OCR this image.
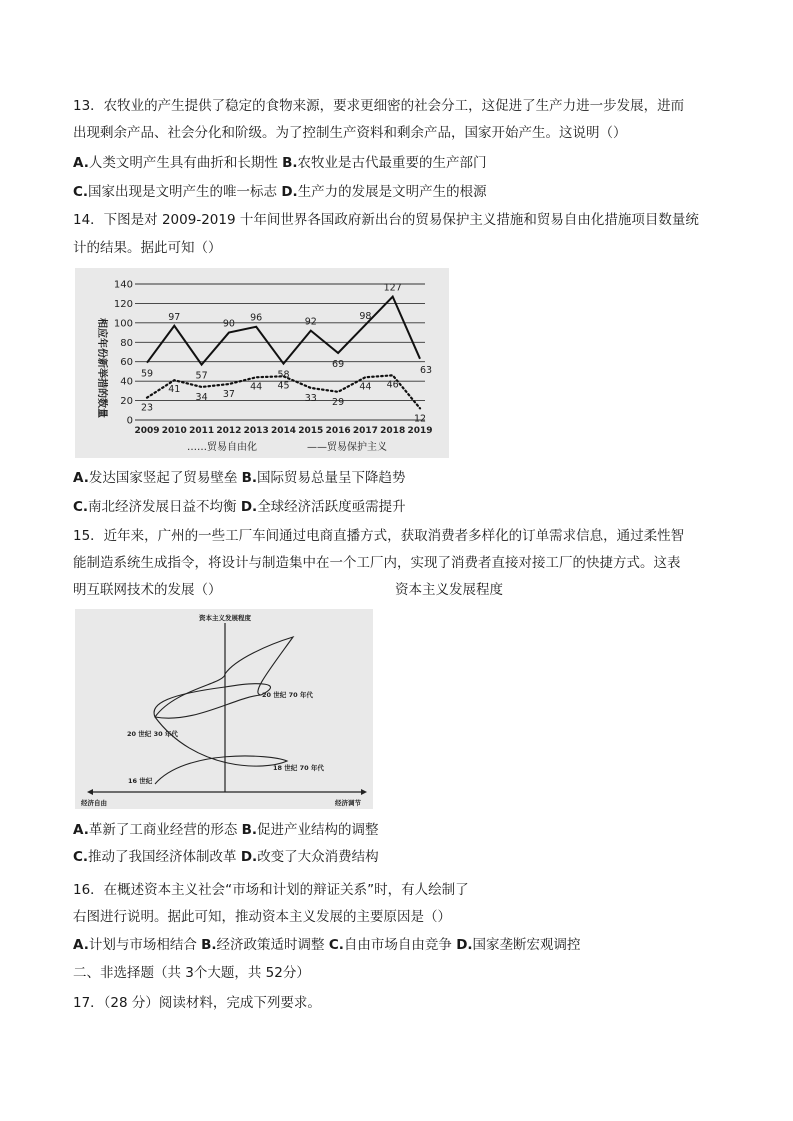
13．农牧业的产生提供了稳定的食物来源，要求更细密的社会分工，这促进了生产力进一步发展，进而
出现剩余产品、社会分化和阶级。为了控制生产资料和剩余产品，国家开始产生。这说明（）
A.人类文明产生具有曲折和长期性 B.农牧业是古代最重要的生产部门
C.国家出现是文明产生的唯一标志 D.生产力的发展是文明产生的根源
14．下图是对 2009-2019 十年间世界各国政府新出台的贸易保护主义措施和贸易自由化措施项目数量统
计的结果。据此可知（）
相应年份新举措的数量
0
20
40
60
80
100
120
140
2009 2010 2011 2012 2013 2014 2015 2016 2017 2018 2019
59
97
57
90
96
58
92
69
98
127
63
23
41
34 37
44 45
33 29
44 46
12
……贸易自由化	——贸易保护主义
A.发达国家竖起了贸易壁垒 B.国际贸易总量呈下降趋势
C.南北经济发展日益不均衡 D.全球经济活跃度亟需提升
15．近年来，广州的一些工厂车间通过电商直播方式，获取消费者多样化的订单需求信息，通过柔性智
能制造系统生成指令，将设计与制造集中在一个工厂内，实现了消费者直接对接工厂的快捷方式。这表
明互联网技术的发展（）	资本主义发展程度
资本主义发展程度
16 世纪
18 世纪 70 年代
20 世纪 30 年代
20 世纪 70 年代
经济自由	经济调节
A.革新了工商业经营的形态 B.促进产业结构的调整
C.推动了我国经济体制改革 D.改变了大众消费结构
16．在概述资本主义社会“市场和计划的辩证关系”时，有人绘制了
右图进行说明。据此可知，推动资本主义发展的主要原因是（）
A.计划与市场相结合 B.经济政策适时调整 C.自由市场自由竞争 D.国家垄断宏观调控
二、非选择题（共 3个大题，共 52分）
17．（28 分）阅读材料，完成下列要求。
